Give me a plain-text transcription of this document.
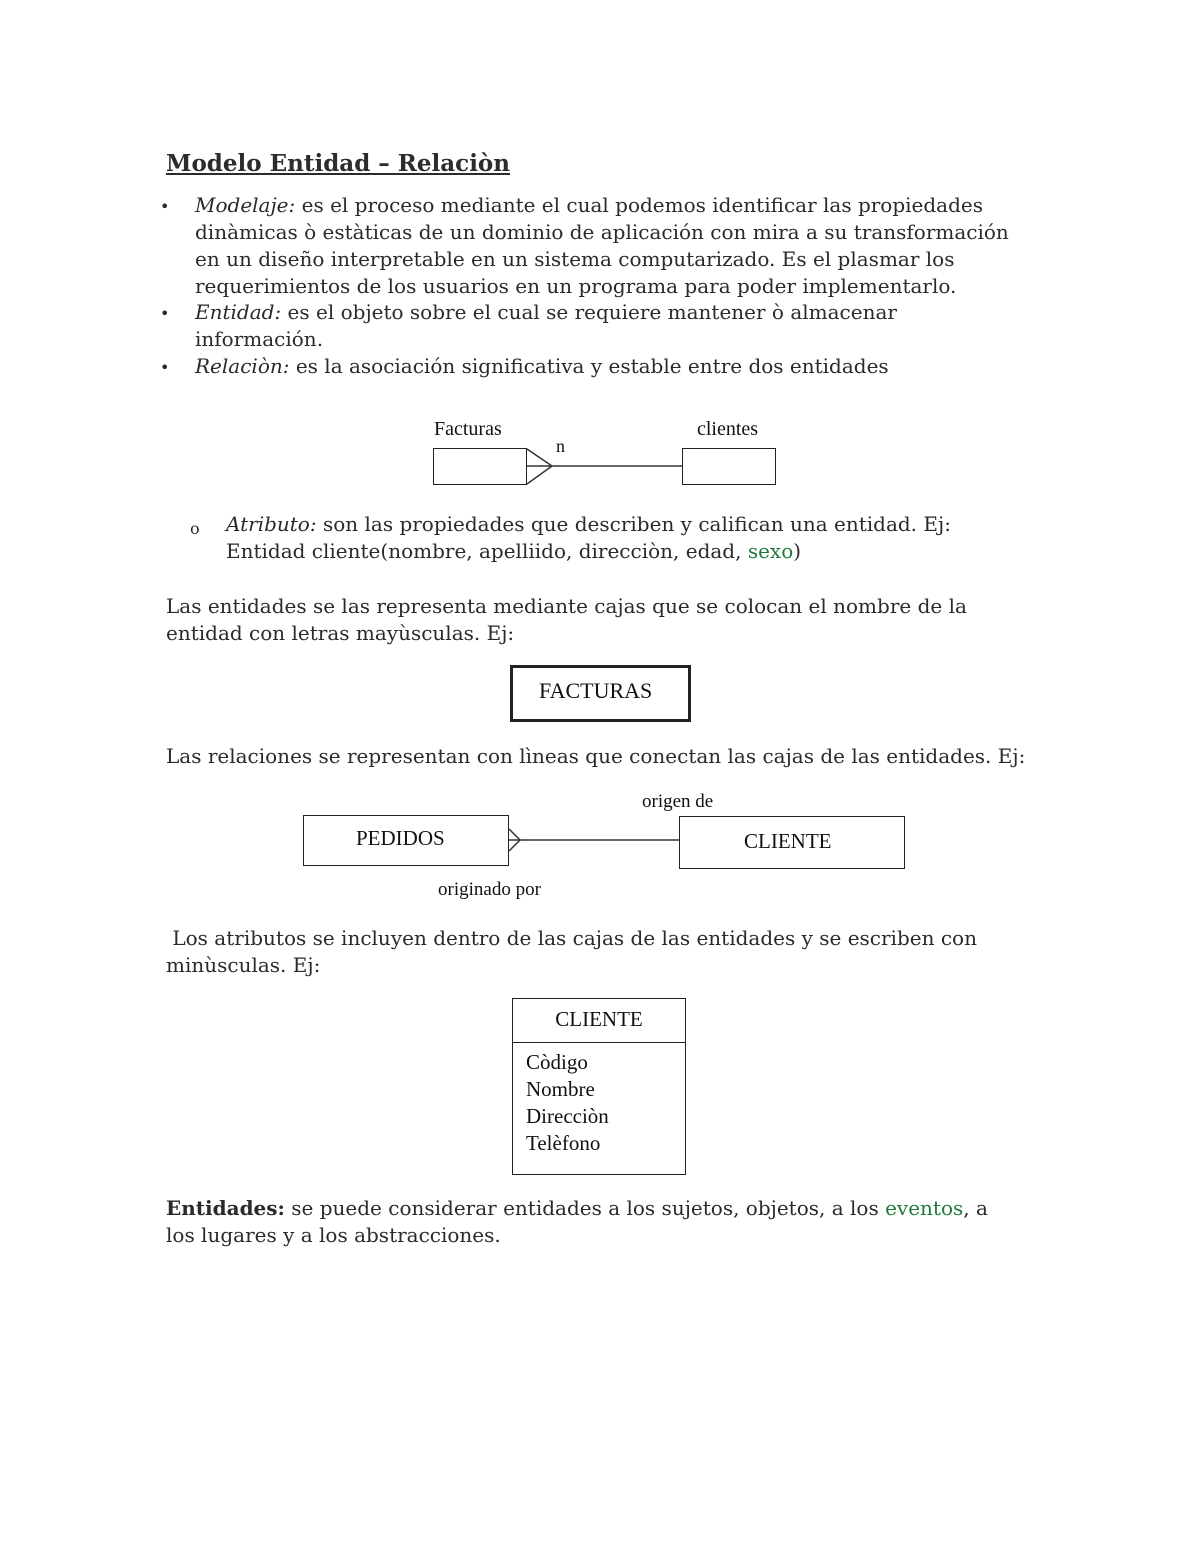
Modelo Entidad – Relaciòn
• Modelaje: es el proceso mediante el cual podemos identificar las propiedades
dinàmicas ò estàticas de un dominio de aplicación con mira a su transformación
en un diseño interpretable en un sistema computarizado. Es el plasmar los
requerimientos de los usuarios en un programa para poder implementarlo.
• Entidad: es el objeto sobre el cual se requiere mantener ò almacenar
información.
• Relaciòn: es la asociación significativa y estable entre dos entidades
Facturas
n
clientes
o Atributo: son las propiedades que describen y califican una entidad. Ej:
Entidad cliente(nombre, apelliido, direcciòn, edad, sexo)
Las entidades se las representa mediante cajas que se colocan el nombre de la
entidad con letras mayùsculas. Ej:
FACTURAS
Las relaciones se representan con lìneas que conectan las cajas de las entidades. Ej:
origen de
PEDIDOS	CLIENTE
originado por
Los atributos se incluyen dentro de las cajas de las entidades y se escriben con
minùsculas. Ej:
CLIENTE
Còdigo
Nombre
Direcciòn
Telèfono
Entidades: se puede considerar entidades a los sujetos, objetos, a los eventos, a
los lugares y a los abstracciones.
